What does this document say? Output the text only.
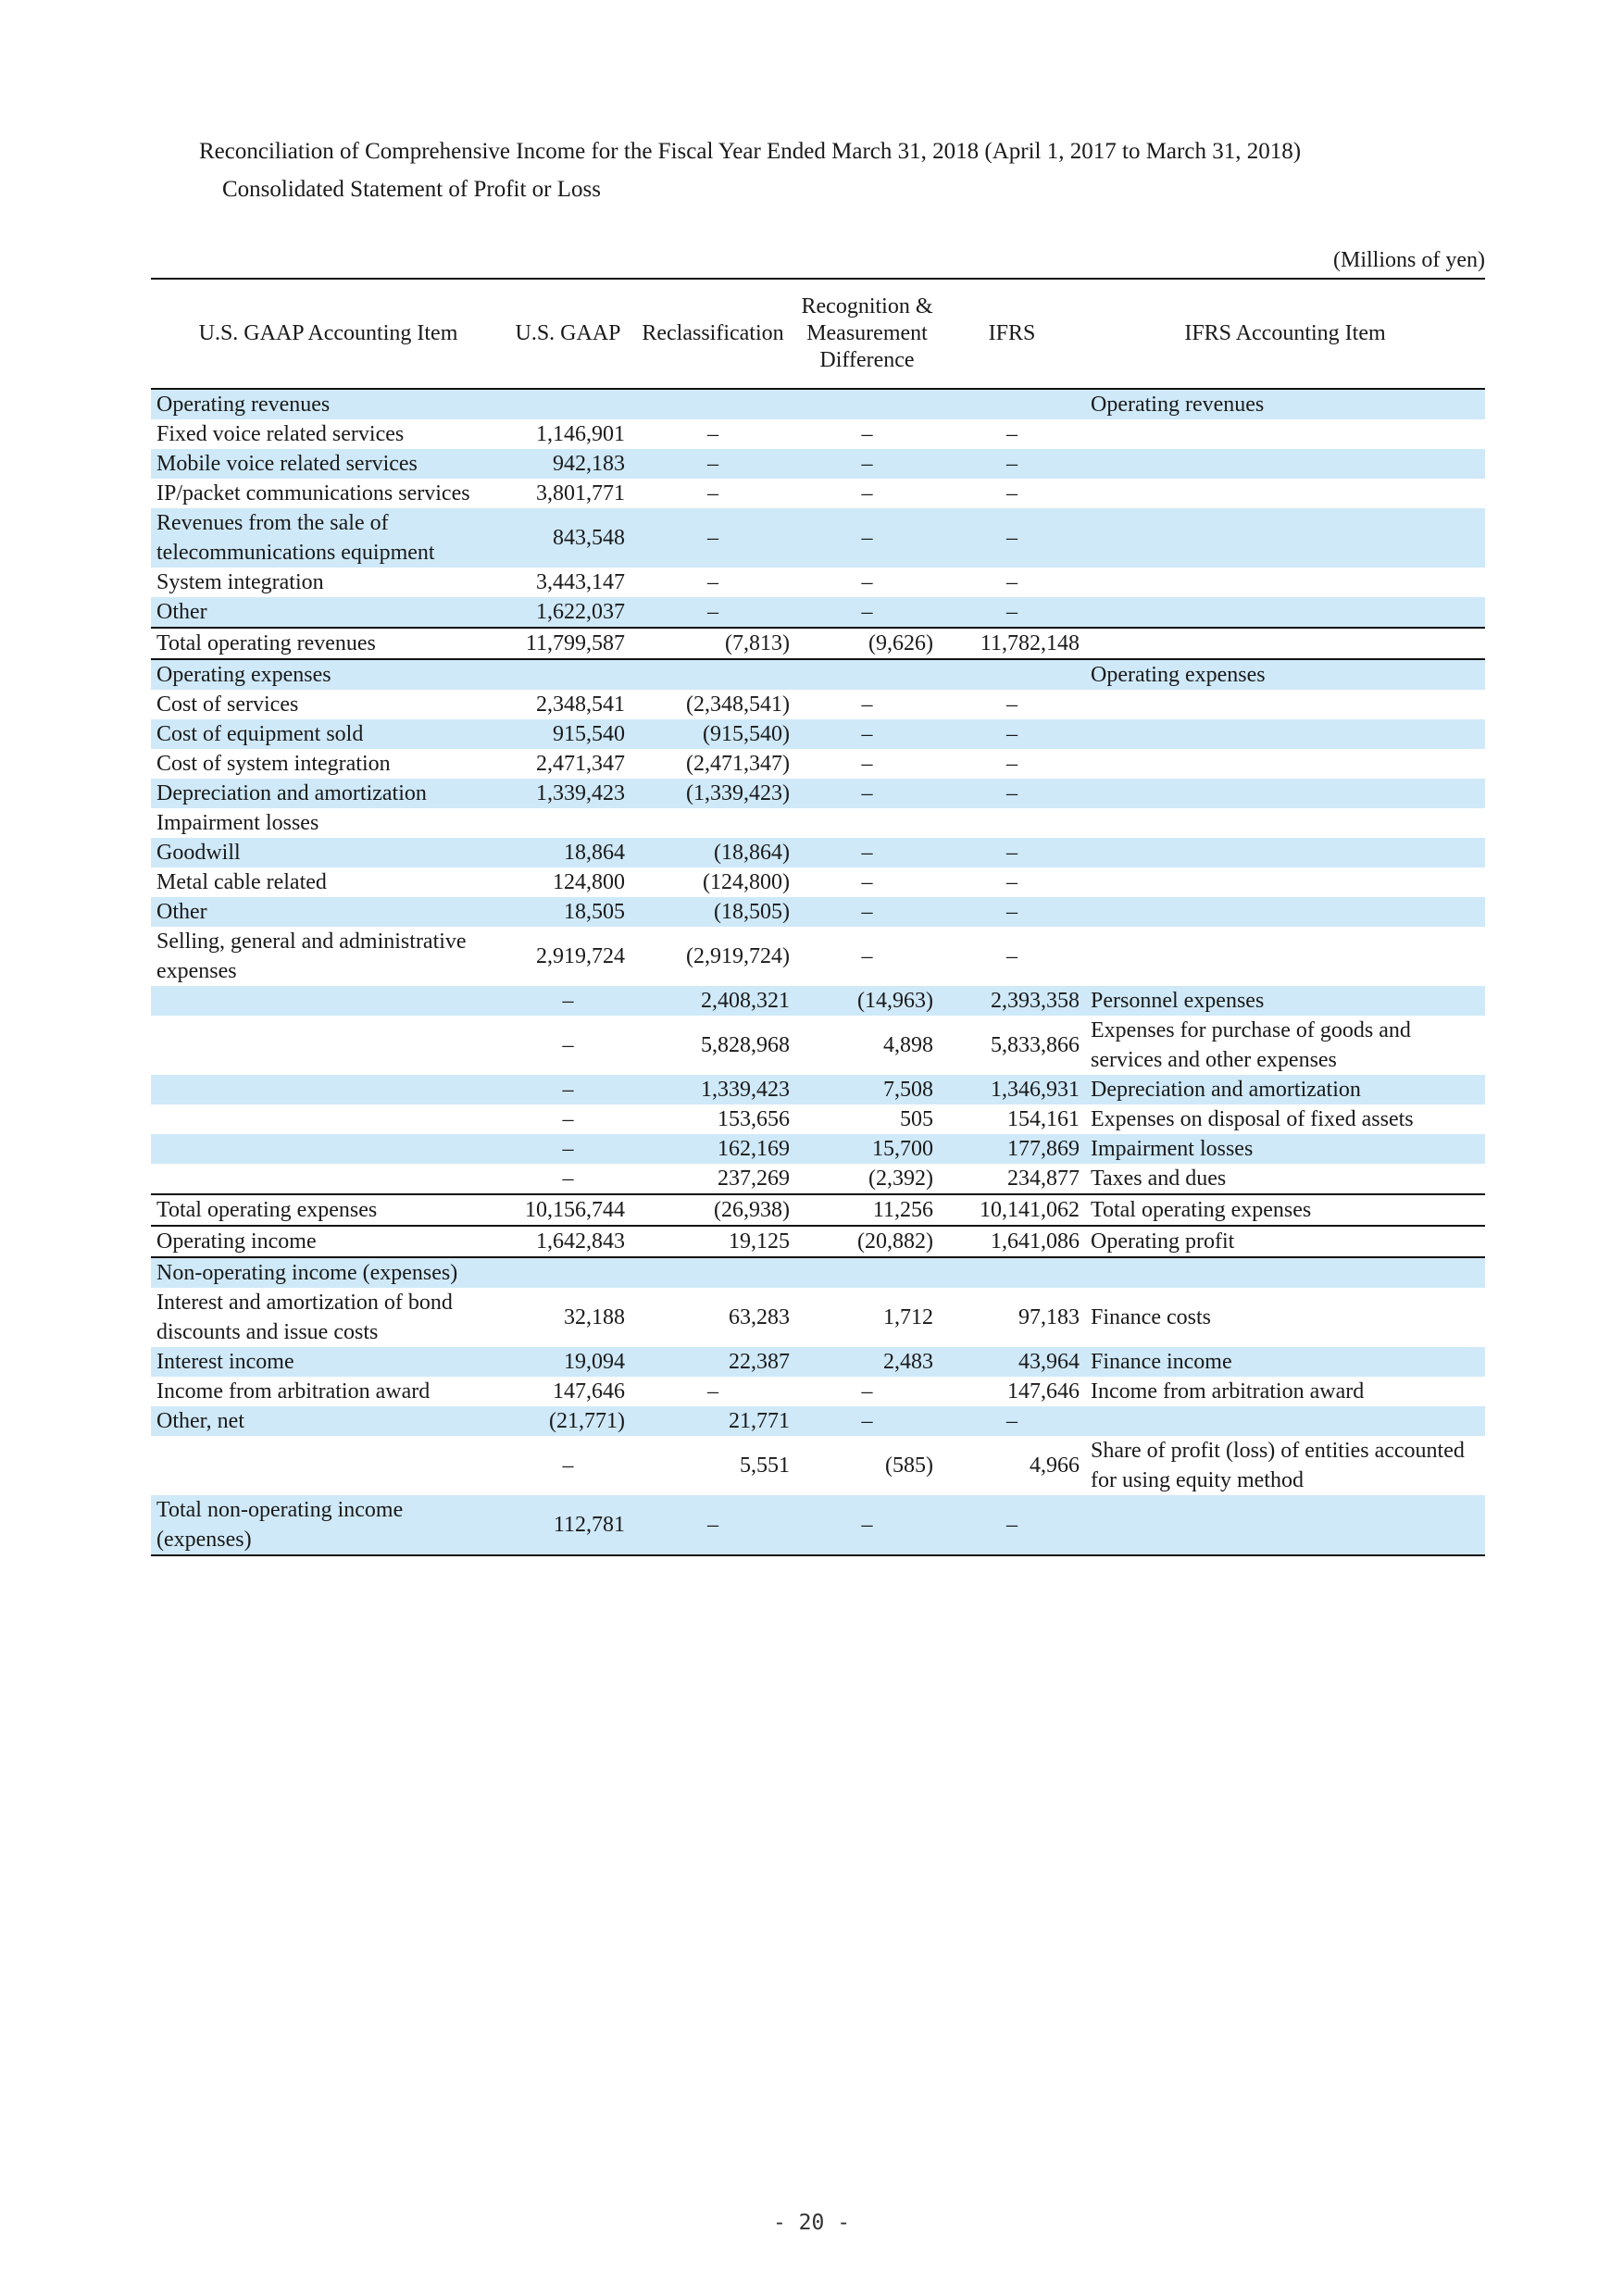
Reconciliation of Comprehensive Income for the Fiscal Year Ended March 31, 2018 (April 1, 2017 to March 31, 2018)
Consolidated Statement of Profit or Loss
(Millions of yen)
U.S. GAAP Accounting Item	U.S. GAAP	Reclassification	Recognition & Measurement Difference	IFRS	IFRS Accounting Item
Operating revenues					Operating revenues
Fixed voice related services	1,146,901	–	–	–	
Mobile voice related services	942,183	–	–	–	
IP/packet communications services	3,801,771	–	–	–	
Revenues from the sale of telecommunications equipment	843,548	–	–	–	
System integration	3,443,147	–	–	–	
Other	1,622,037	–	–	–	
Total operating revenues	11,799,587	(7,813)	(9,626)	11,782,148	
Operating expenses					Operating expenses
Cost of services	2,348,541	(2,348,541)	–	–	
Cost of equipment sold	915,540	(915,540)	–	–	
Cost of system integration	2,471,347	(2,471,347)	–	–	
Depreciation and amortization	1,339,423	(1,339,423)	–	–	
Impairment losses					
Goodwill	18,864	(18,864)	–	–	
Metal cable related	124,800	(124,800)	–	–	
Other	18,505	(18,505)	–	–	
Selling, general and administrative expenses	2,919,724	(2,919,724)	–	–	
	–	2,408,321	(14,963)	2,393,358	Personnel expenses
	–	5,828,968	4,898	5,833,866	Expenses for purchase of goods and services and other expenses
	–	1,339,423	7,508	1,346,931	Depreciation and amortization
	–	153,656	505	154,161	Expenses on disposal of fixed assets
	–	162,169	15,700	177,869	Impairment losses
	–	237,269	(2,392)	234,877	Taxes and dues
Total operating expenses	10,156,744	(26,938)	11,256	10,141,062	Total operating expenses
Operating income	1,642,843	19,125	(20,882)	1,641,086	Operating profit
Non-operating income (expenses)					
Interest and amortization of bond discounts and issue costs	32,188	63,283	1,712	97,183	Finance costs
Interest income	19,094	22,387	2,483	43,964	Finance income
Income from arbitration award	147,646	–	–	147,646	Income from arbitration award
Other, net	(21,771)	21,771	–	–	
	–	5,551	(585)	4,966	Share of profit (loss) of entities accounted for using equity method
Total non-operating income (expenses)	112,781	–	–	–	
- 20 -
